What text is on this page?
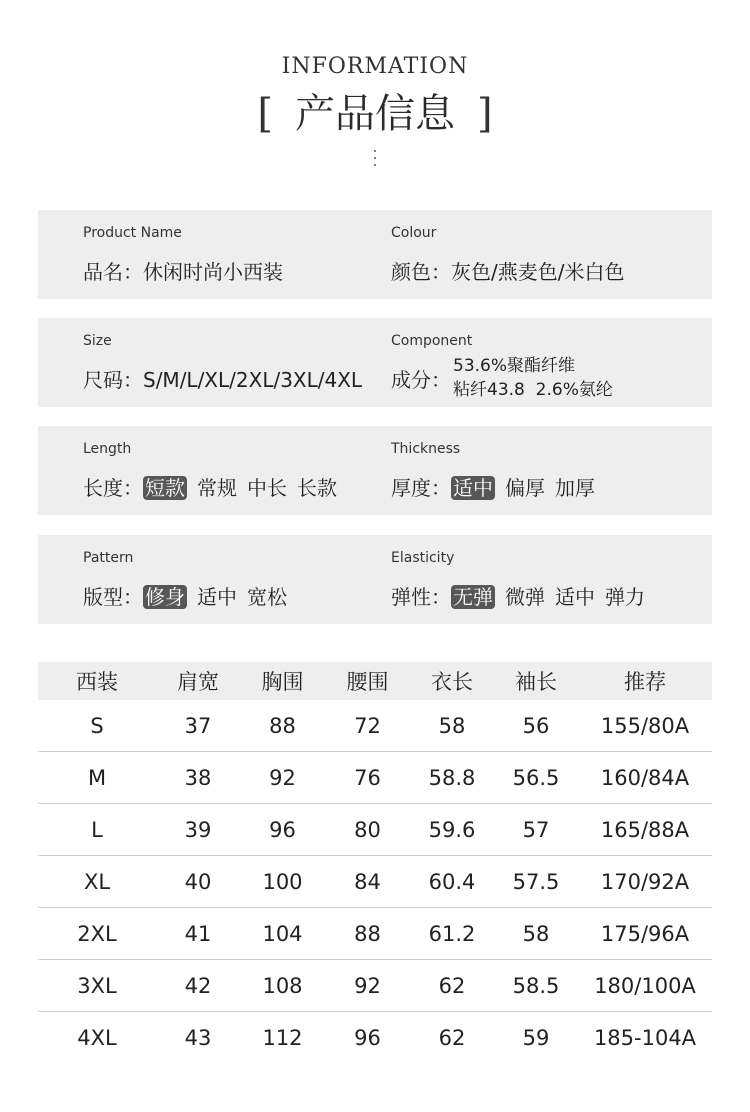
INFORMATION
[ 产品信息 ]
Product Name
品名：休闲时尚小西装
Colour
颜色：灰色/燕麦色/米白色
Size
尺码：S/M/L/XL/2XL/3XL/4XL
Component
成分：
53.6%聚酯纤维
粘纤43.8  2.6%氨纶
Length
长度： 短款 常规 中长 长款
Thickness
厚度： 适中 偏厚 加厚
Pattern
版型： 修身 适中 宽松
Elasticity
弹性： 无弹 微弹 适中 弹力
西装	肩宽	胸围	腰围	衣长	袖长	推荐
S	37	88	72	58	56	155/80A
M	38	92	76	58.8	56.5	160/84A
L	39	96	80	59.6	57	165/88A
XL	40	100	84	60.4	57.5	170/92A
2XL	41	104	88	61.2	58	175/96A
3XL	42	108	92	62	58.5	180/100A
4XL	43	112	96	62	59	185-104A
